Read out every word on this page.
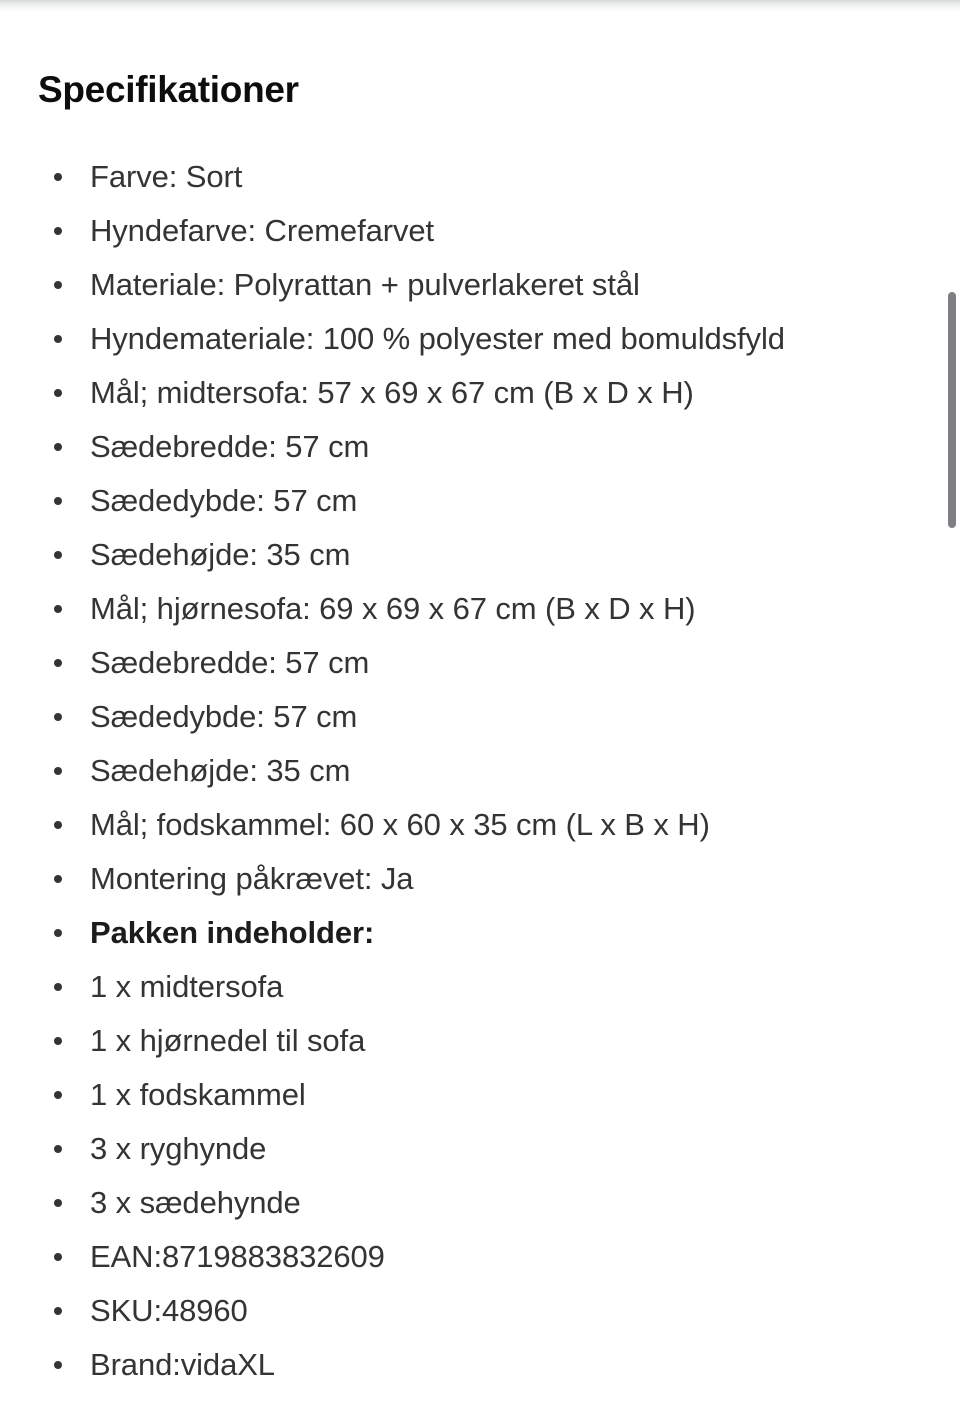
Specifikationer
Farve: Sort
Hyndefarve: Cremefarvet
Materiale: Polyrattan + pulverlakeret stål
Hyndemateriale: 100 % polyester med bomuldsfyld
Mål; midtersofa: 57 x 69 x 67 cm (B x D x H)
Sædebredde: 57 cm
Sædedybde: 57 cm
Sædehøjde: 35 cm
Mål; hjørnesofa: 69 x 69 x 67 cm (B x D x H)
Sædebredde: 57 cm
Sædedybde: 57 cm
Sædehøjde: 35 cm
Mål; fodskammel: 60 x 60 x 35 cm (L x B x H)
Montering påkrævet: Ja
Pakken indeholder:
1 x midtersofa
1 x hjørnedel til sofa
1 x fodskammel
3 x ryghynde
3 x sædehynde
EAN:8719883832609
SKU:48960
Brand:vidaXL
